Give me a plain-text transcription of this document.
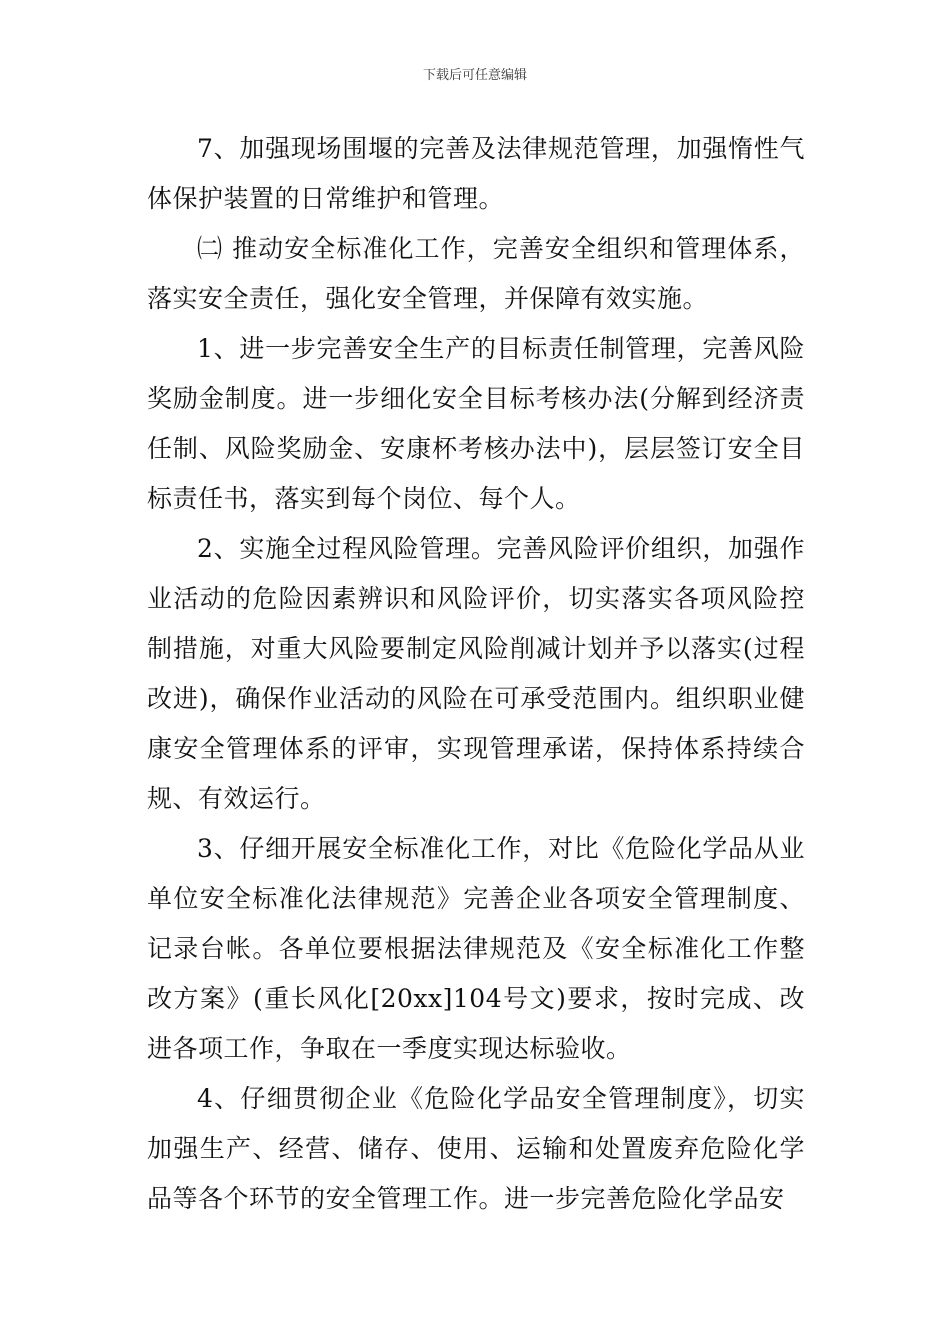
下载后可任意编辑

7、加强现场围堰的完善及法律规范管理，加强惰性气体保护装置的日常维护和管理。

㈡ 推动安全标准化工作，完善安全组织和管理体系，落实安全责任，强化安全管理，并保障有效实施。

1、进一步完善安全生产的目标责任制管理，完善风险奖励金制度。进一步细化安全目标考核办法(分解到经济责任制、风险奖励金、安康杯考核办法中)，层层签订安全目标责任书，落实到每个岗位、每个人。

2、实施全过程风险管理。完善风险评价组织，加强作业活动的危险因素辨识和风险评价，切实落实各项风险控制措施，对重大风险要制定风险削减计划并予以落实(过程改进)，确保作业活动的风险在可承受范围内。组织职业健康安全管理体系的评审，实现管理承诺，保持体系持续合规、有效运行。

3、仔细开展安全标准化工作，对比《危险化学品从业单位安全标准化法律规范》完善企业各项安全管理制度、记录台帐。各单位要根据法律规范及《安全标准化工作整改方案》(重长风化[20xx]104号文)要求，按时完成、改进各项工作，争取在一季度实现达标验收。

4、仔细贯彻企业《危险化学品安全管理制度》，切实加强生产、经营、储存、使用、运输和处置废弃危险化学品等各个环节的安全管理工作。进一步完善危险化学品安
